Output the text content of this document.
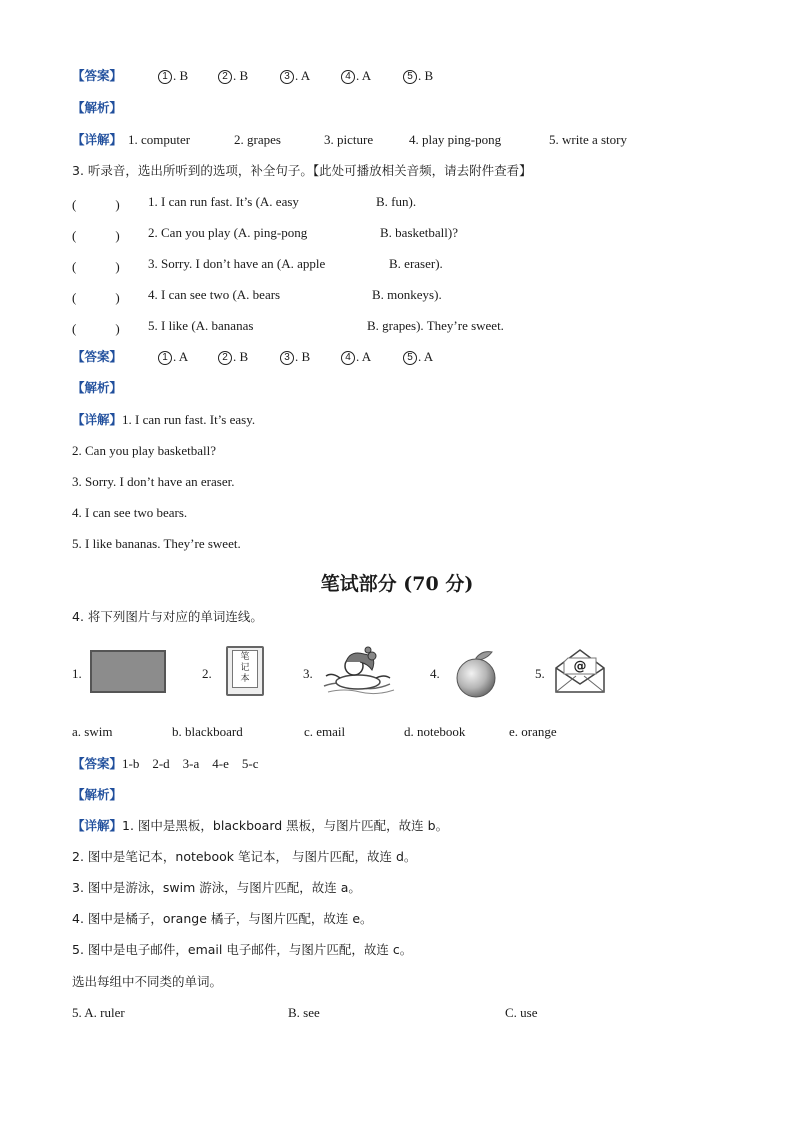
【答案】	1 . B	2 . B	3 . A	4 . A	5 . B
【解析】
【详解】 1. computer	2. grapes	3. picture	4. play ping-pong	5. write a story
3. 听录音，选出所听到的选项，补全句子。【此处可播放相关音频，请去附件查看】
(　　　) 1. I can run fast. It’s (A. easy	B. fun).
(　　　) 2. Can you play (A. ping-pong	B. basketball)?
(　　　) 3. Sorry. I don’t have an (A. apple	B. eraser).
(　　　) 4. I can see two (A. bears	B. monkeys).
(　　　) 5. I like (A. bananas	B. grapes). They’re sweet.
【答案】	1 . A	2 . B	3 . B	4 . A	5 . A
【解析】
【详解】1. I can run fast. It’s easy.
2. Can you play basketball?
3. Sorry. I don’t have an eraser.
4. I can see two bears.
5. I like bananas. They’re sweet.
笔试部分 (70 分)
4. 将下列图片与对应的单词连线。
1.	2.
笔记本	3.	4.	5. @
a. swim	b. blackboard	c. email	d. notebook	e. orange
【答案】1-b　2-d　3-a　4-e　5-c
【解析】
【详解】1. 图中是黑板，blackboard 黑板，与图片匹配，故连 b。
2. 图中是笔记本，notebook 笔记本， 与图片匹配，故连 d。
3. 图中是游泳，swim 游泳，与图片匹配，故连 a。
4. 图中是橘子，orange 橘子，与图片匹配，故连 e。
5. 图中是电子邮件，email 电子邮件，与图片匹配，故连 c。
选出每组中不同类的单词。
5. A. ruler	B. see	C. use
